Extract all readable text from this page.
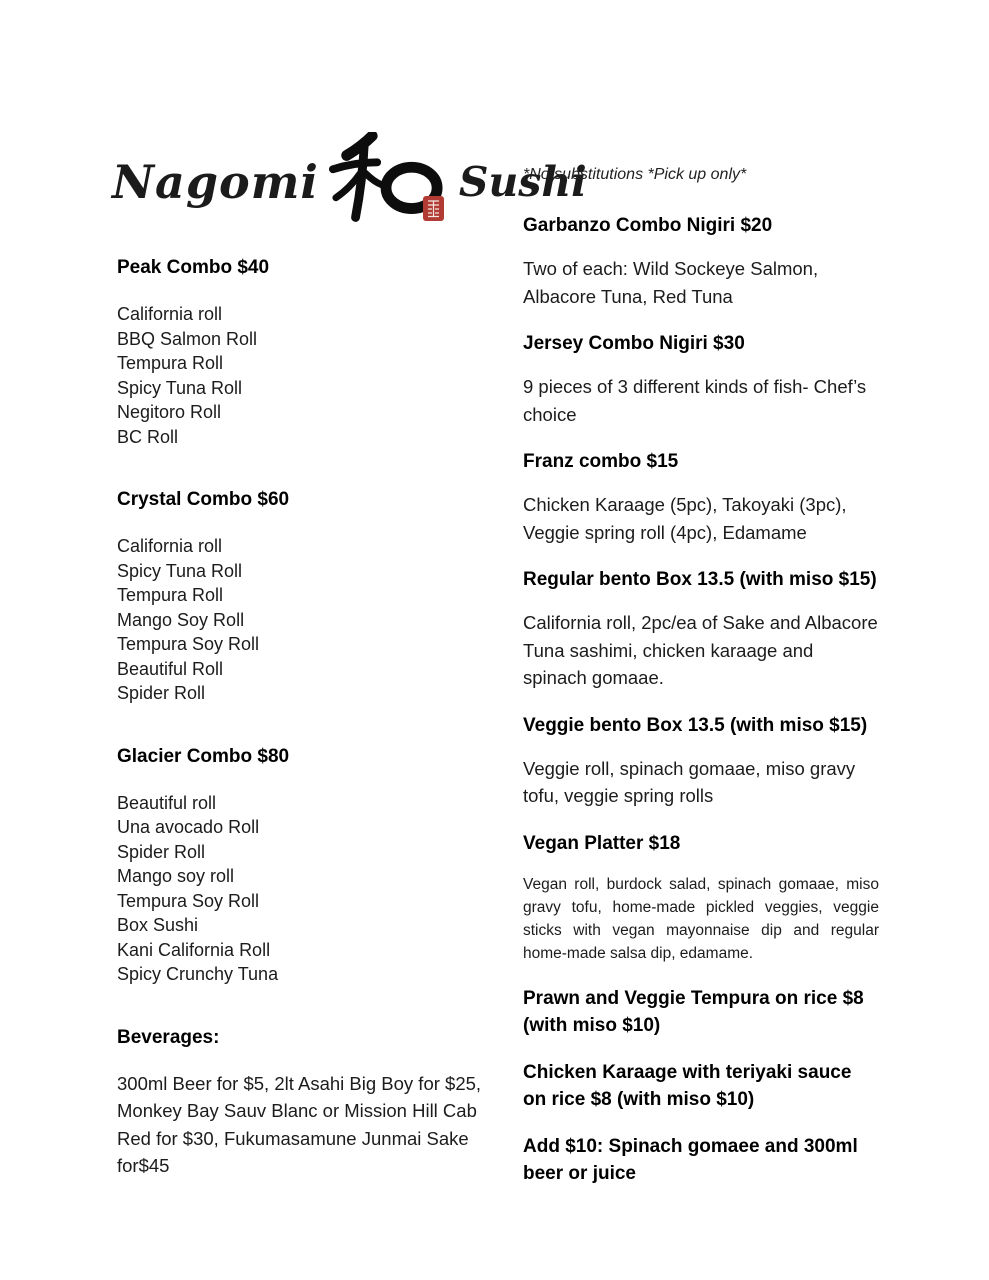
Nagomi	Sushi
Peak Combo $40
California roll
BBQ Salmon Roll
Tempura Roll
Spicy Tuna Roll
Negitoro Roll
BC Roll
Crystal Combo $60
California roll
Spicy Tuna Roll
Tempura Roll
Mango Soy Roll
Tempura Soy Roll
Beautiful Roll
Spider Roll
Glacier Combo $80
Beautiful roll
Una avocado Roll
Spider Roll
Mango soy roll
Tempura Soy Roll
Box Sushi
Kani California Roll
Spicy Crunchy Tuna
Beverages:

300ml Beer for $5, 2lt Asahi Big Boy for $25, Monkey Bay Sauv Blanc or Mission Hill Cab Red for $30, Fukumasamune Junmai Sake for$45

*No substitutions *Pick up only*

Garbanzo Combo Nigiri $20

Two of each: Wild Sockeye Salmon, Albacore Tuna, Red Tuna

Jersey Combo Nigiri $30

9 pieces of 3 different kinds of fish- Chef’s choice

Franz combo $15

Chicken Karaage (5pc), Takoyaki (3pc), Veggie spring roll (4pc), Edamame

Regular bento Box 13.5 (with miso $15)

California roll, 2pc/ea of Sake and Albacore Tuna sashimi, chicken karaage and spinach gomaae.

Veggie bento Box 13.5 (with miso $15)

Veggie roll, spinach gomaae, miso gravy tofu, veggie spring rolls

Vegan Platter $18

Vegan roll, burdock salad, spinach gomaae, miso gravy tofu, home-made pickled veggies, veggie sticks with vegan mayonnaise dip and regular home-made salsa dip, edamame.

Prawn and Veggie Tempura on rice $8 (with miso $10)
Chicken Karaage with teriyaki sauce on rice $8 (with miso $10)
Add $10: Spinach gomaee and 300ml beer or juice
